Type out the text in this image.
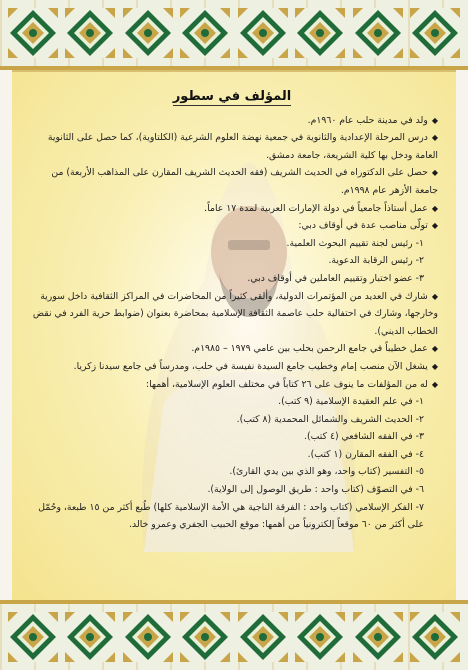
المؤلف في سطور
◆ولد في مدينة حلب عام ١٩٦٠م.
◆درس المرحلة الإعدادية والثانوية في جمعية نهضة العلوم الشرعية (الكلتاوية)، كما حصل على الثانوية العامة ودخل بها كلية الشريعة، جامعة دمشق.
◆حصل على الدكتوراه في الحديث الشريف (فقه الحديث الشريف المقارن على المذاهب الأربعة) من جامعة الأزهر عام ١٩٩٨م.
◆عمل أستاذاً جامعياً في دولة الإمارات العربية لمدة ١٧ عاماً.
◆تولّى مناصب عدة في أوقاف دبي:
١- رئيس لجنة تقييم البحوث العلمية.
٢- رئيس الرقابة الدعوية.
٣- عضو اختبار وتقييم العاملين في أوقاف دبي.
◆شارك في العديد من المؤتمرات الدولية، وألقى كثيراً من المحاضرات في المراكز الثقافية داخل سورية وخارجها، وشارك في احتفالية حلب عاصمة الثقافة الإسلامية بمحاضرة بعنوان (ضوابط حرية الفرد في نقض الخطاب الديني).
◆عمل خطيباً في جامع الرحمن بحلب بين عامي ١٩٧٩ – ١٩٨٥م.
◆يشغل الآن منصب إمام وخطيب جامع السيدة نفيسة في حلب، ومدرساً في جامع سيدنا زكريا.
◆له من المؤلفات ما ينوف على ٢٦ كتاباً في مختلف العلوم الإسلامية، أهمها:
١- في علم العقيدة الإسلامية (٩ كتب).
٢- الحديث الشريف والشمائل المحمدية (٨ كتب).
٣- في الفقه الشافعي (٤ كتب).
٤- في الفقه المقارن (١ كتب).
٥- التفسير (كتاب واحد، وهو الذي بين يدي القارئ).
٦- في التصوّف (كتاب واحد : طريق الوصول إلى الولاية).
٧- الفكر الإسلامي (كتاب واحد : الفرقة الناجية هي الأمة الإسلامية كلها) طُبع أكثر من ١٥ طبعة، وحُمّل على أكثر من ٦٠ موقعاً إلكترونياً من أهمها: موقع الحبيب الجفري وعمرو خالد.
